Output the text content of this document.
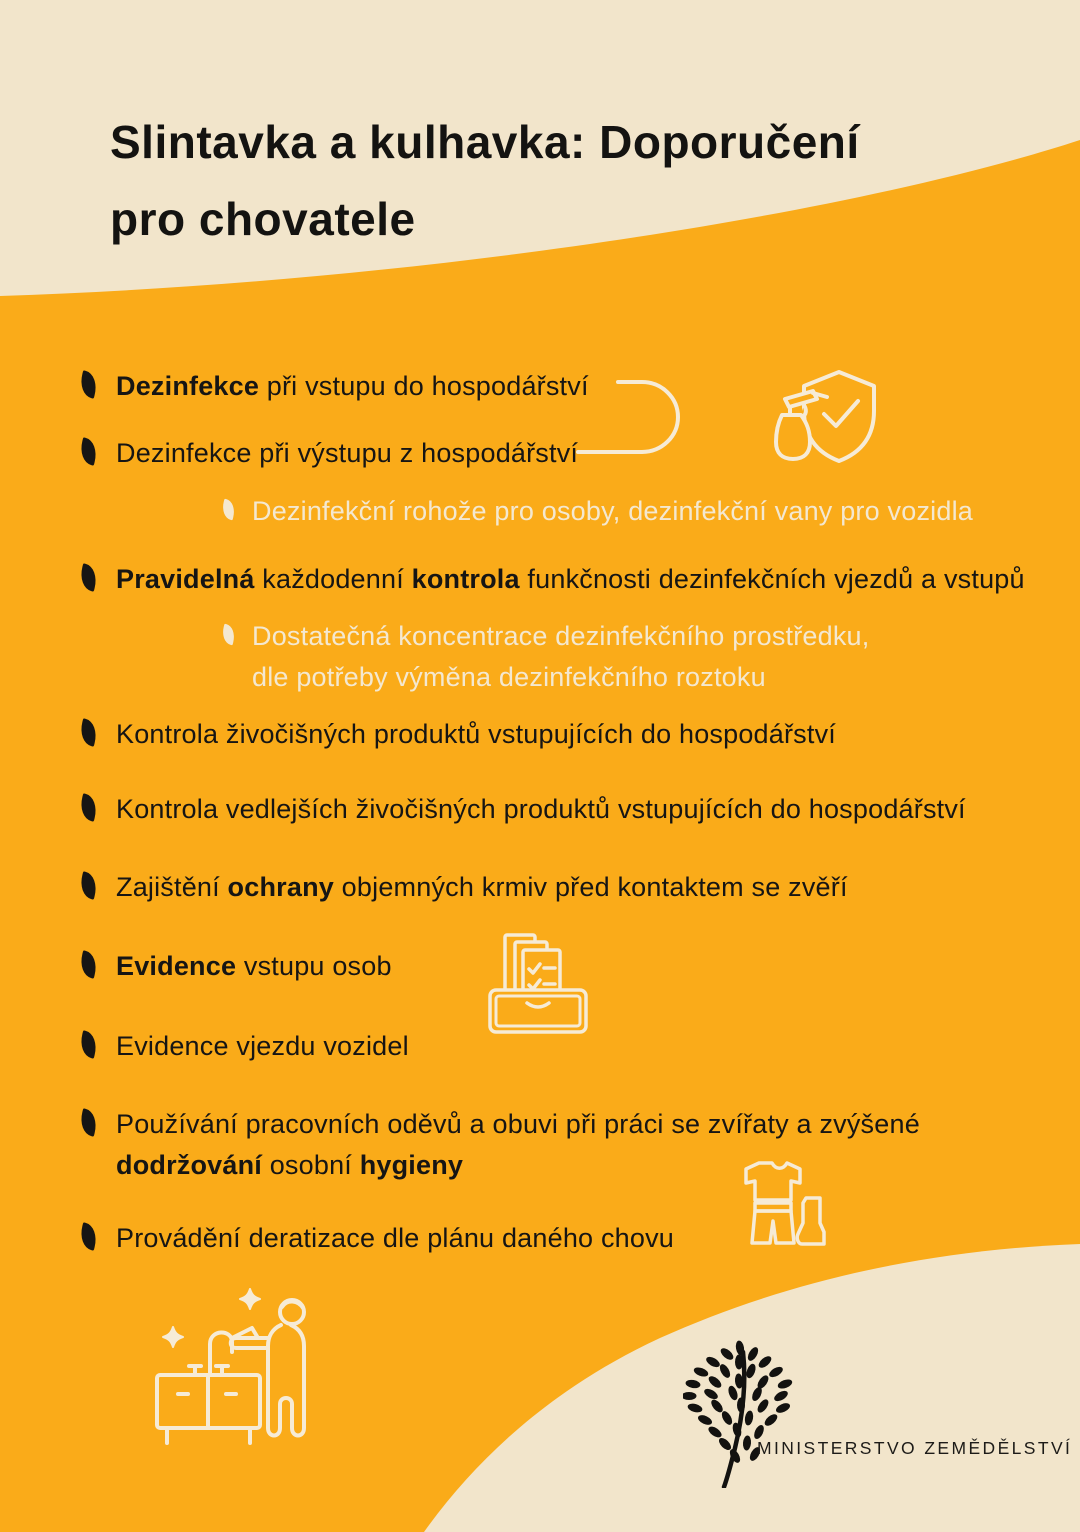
Slintavka a kulhavka: Doporučení
pro chovatele
MINISTERSTVO ZEMĚDĚLSTVÍ

Dezinfekce při vstupu do hospodářství

Dezinfekce při výstupu z hospodářství

Dezinfekční rohože pro osoby, dezinfekční vany pro vozidla

Pravidelná každodenní kontrola funkčnosti dezinfekčních vjezdů a vstupů

Dostatečná koncentrace dezinfekčního prostředku,
dle potřeby výměna dezinfekčního roztoku

Kontrola živočišných produktů vstupujících do hospodářství

Kontrola vedlejších živočišných produktů vstupujících do hospodářství

Zajištění ochrany objemných krmiv před kontaktem se zvěří

Evidence vstupu osob

Evidence vjezdu vozidel

Používání pracovních oděvů a obuvi při práci se zvířaty a zvýšené
dodržování osobní hygieny

Provádění deratizace dle plánu daného chovu
